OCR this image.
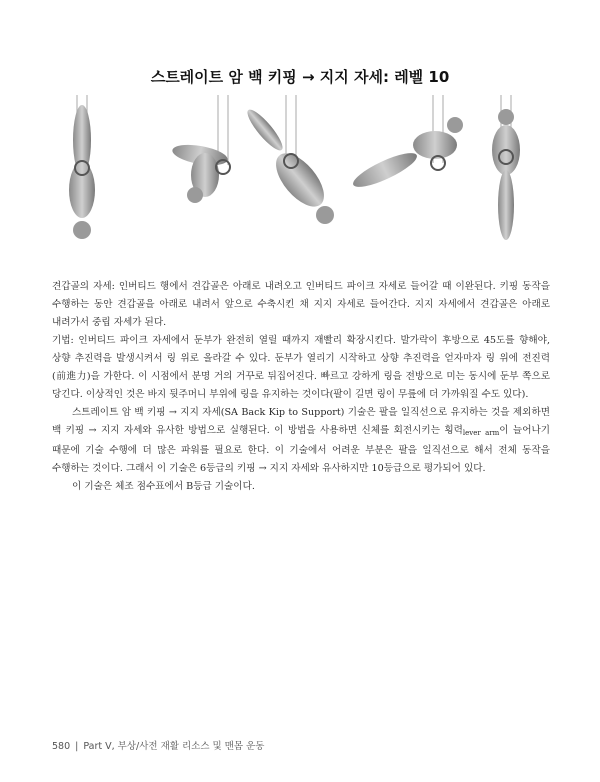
스트레이트 암 백 키핑 → 지지 자세: 레벨 10

견갑골의 자세: 인버티드 행에서 견갑골은 아래로 내려오고 인버티드 파이크 자세로 들어갈 때 이완된다. 키핑 동작을 수행하는 동안 견갑골을 아래로 내려서 앞으로 수축시킨 채 지지 자세로 들어간다. 지지 자세에서 견갑골은 아래로 내려가서 중립 자세가 된다.

기법: 인버티드 파이크 자세에서 둔부가 완전히 열릴 때까지 재빨리 확장시킨다. 발가락이 후방으로 45도를 향해야, 상향 추진력을 발생시켜서 링 위로 올라갈 수 있다. 둔부가 열리기 시작하고 상향 추진력을 얻자마자 링 위에 전진력(前進力)을 가한다. 이 시점에서 분명 거의 거꾸로 뒤집어진다. 빠르고 강하게 링을 전방으로 미는 동시에 둔부 쪽으로 당긴다. 이상적인 것은 바지 뒷주머니 부위에 링을 유지하는 것이다(팔이 길면 링이 무릎에 더 가까워질 수도 있다).

스트레이트 암 백 키핑 → 지지 자세(SA Back Kip to Support) 기술은 팔을 일직선으로 유지하는 것을 제외하면 백 키핑 → 지지 자세와 유사한 방법으로 실행된다. 이 방법을 사용하면 신체를 회전시키는 횡력$_{lever}$ $_{arm}$이 늘어나기 때문에 기술 수행에 더 많은 파워를 필요로 한다. 이 기술에서 어려운 부분은 팔을 일직선으로 해서 전체 동작을 수행하는 것이다. 그래서 이 기술은 6등급의 키핑 → 지지 자세와 유사하지만 10등급으로 평가되어 있다.

이 기술은 체조 점수표에서 B등급 기술이다.

580 | Part V, 부상/사전 재활 리소스 및 맨몸 운동
